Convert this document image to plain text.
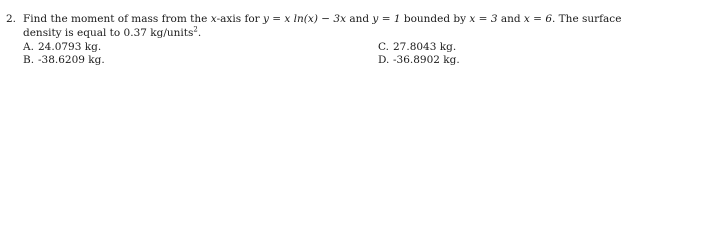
2. Find the moment of mass from the x-axis for y = x ln(x) − 3x and y = 1 bounded by x = 3 and x = 6. The surface
density is equal to 0.37 kg/units$^2$.
A. 24.0793 kg.
B. -38.6209 kg.
C. 27.8043 kg.
D. -36.8902 kg.
